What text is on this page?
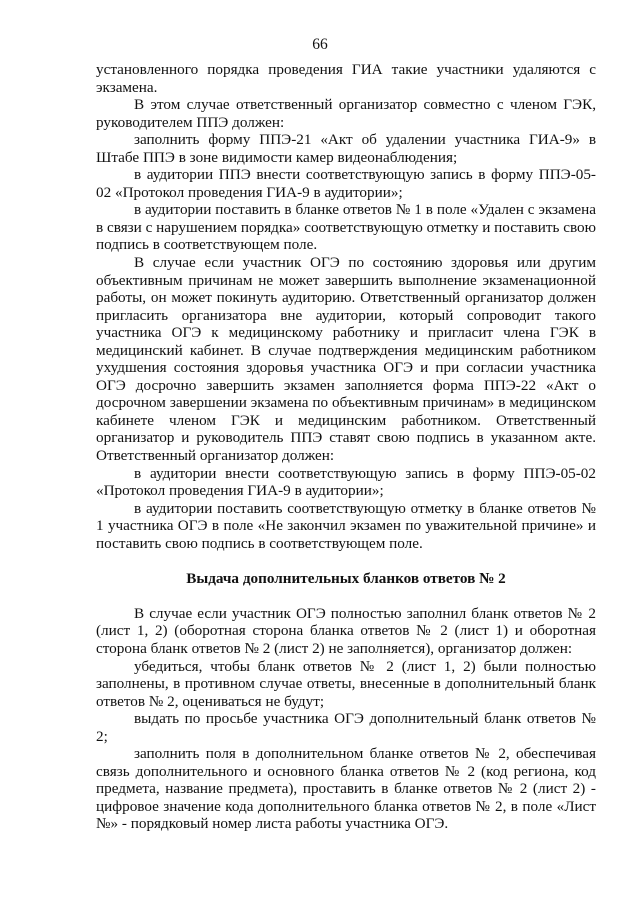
66

установленного порядка проведения ГИА такие участники удаляются с экзамена.

В этом случае ответственный организатор совместно с членом ГЭК, руководителем ППЭ должен:

заполнить форму ППЭ-21 «Акт об удалении участника ГИА-9» в Штабе ППЭ в зоне видимости камер видеонаблюдения;

в аудитории ППЭ внести соответствующую запись в форму ППЭ-05-02 «Протокол проведения ГИА-9 в аудитории»;

в аудитории поставить в бланке ответов № 1 в поле «Удален с экзамена в связи с нарушением порядка» соответствующую отметку и поставить свою подпись в соответствующем поле.

В случае если участник ОГЭ по состоянию здоровья или другим объективным причинам не может завершить выполнение экзаменационной работы, он может покинуть аудиторию. Ответственный организатор должен пригласить организатора вне аудитории, который сопроводит такого участника ОГЭ к медицинскому работнику и пригласит члена ГЭК в медицинский кабинет. В случае подтверждения медицинским работником ухудшения состояния здоровья участника ОГЭ и при согласии участника ОГЭ досрочно завершить экзамен заполняется форма ППЭ-22 «Акт о досрочном завершении экзамена по объективным причинам» в медицинском кабинете членом ГЭК и медицинским работником. Ответственный организатор и руководитель ППЭ ставят свою подпись в указанном акте. Ответственный организатор должен:

в аудитории внести соответствующую запись в форму ППЭ-05-02 «Протокол проведения ГИА-9 в аудитории»;

в аудитории поставить соответствующую отметку в бланке ответов № 1 участника ОГЭ в поле «Не закончил экзамен по уважительной причине» и поставить свою подпись в соответствующем поле.

Выдача дополнительных бланков ответов № 2

В случае если участник ОГЭ полностью заполнил бланк ответов № 2 (лист 1, 2) (оборотная сторона бланка ответов № 2 (лист 1) и оборотная сторона бланк ответов № 2 (лист 2) не заполняется), организатор должен:

убедиться, чтобы бланк ответов № 2 (лист 1, 2) были полностью заполнены, в противном случае ответы, внесенные в дополнительный бланк ответов № 2, оцениваться не будут;

выдать по просьбе участника ОГЭ дополнительный бланк ответов № 2;

заполнить поля в дополнительном бланке ответов № 2, обеспечивая связь дополнительного и основного бланка ответов № 2 (код региона, код предмета, название предмета), проставить в бланке ответов № 2 (лист 2) - цифровое значение кода дополнительного бланка ответов № 2, в поле «Лист №» - порядковый номер листа работы участника ОГЭ.
